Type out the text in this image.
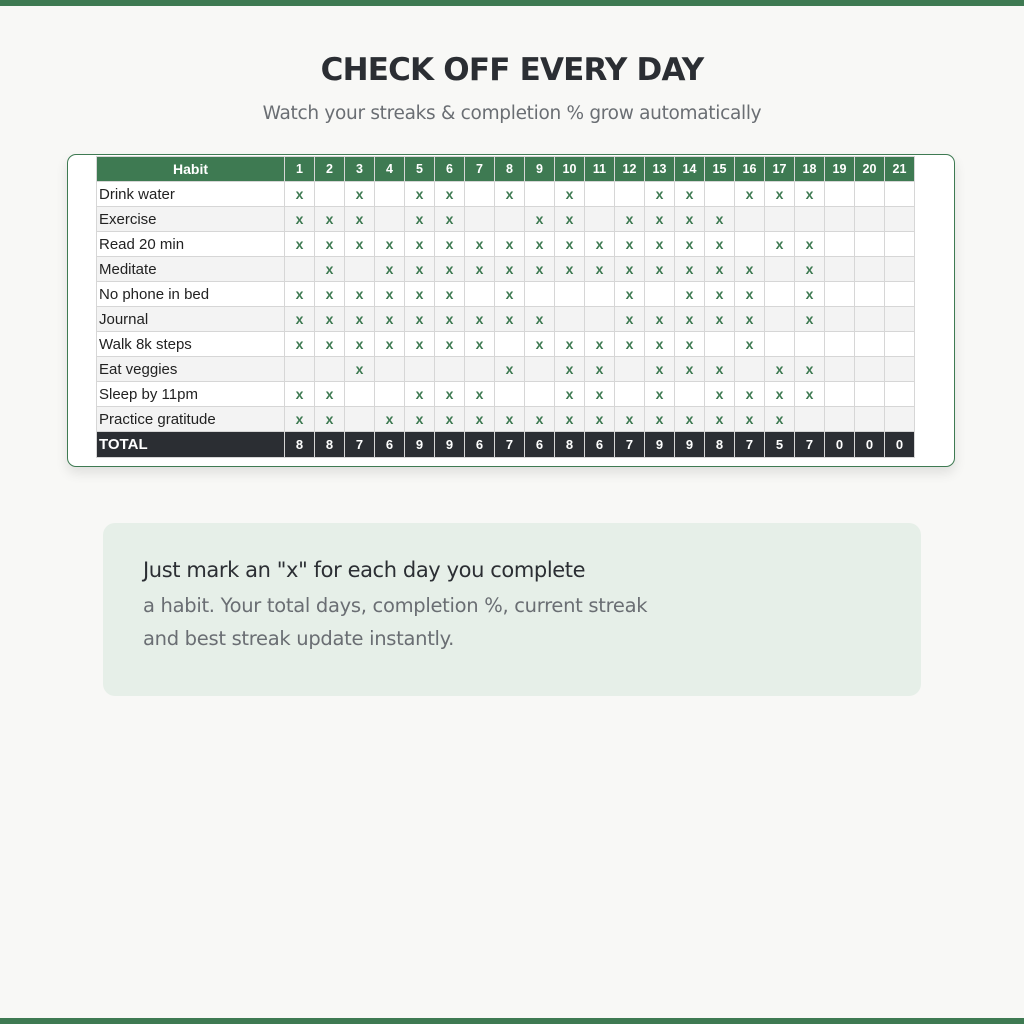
CHECK OFF EVERY DAY
Watch your streaks & completion % grow automatically
Habit	1	2	3	4	5	6	7	8	9	10	11	12	13	14	15	16	17	18	19	20	21
Drink water	x		x		x	x		x		x			x	x		x	x	x			
Exercise	x	x	x		x	x			x	x		x	x	x	x						
Read 20 min	x	x	x	x	x	x	x	x	x	x	x	x	x	x	x		x	x			
Meditate		x		x	x	x	x	x	x	x	x	x	x	x	x	x		x			
No phone in bed	x	x	x	x	x	x		x				x		x	x	x		x			
Journal	x	x	x	x	x	x	x	x	x			x	x	x	x	x		x			
Walk 8k steps	x	x	x	x	x	x	x		x	x	x	x	x	x		x					
Eat veggies			x					x		x	x		x	x	x		x	x			
Sleep by 11pm	x	x			x	x	x			x	x		x		x	x	x	x			
Practice gratitude	x	x		x	x	x	x	x	x	x	x	x	x	x	x	x	x				
TOTAL	8	8	7	6	9	9	6	7	6	8	6	7	9	9	8	7	5	7	0	0	0
Just mark an "x" for each day you complete
a habit. Your total days, completion %, current streak and best streak update instantly.
